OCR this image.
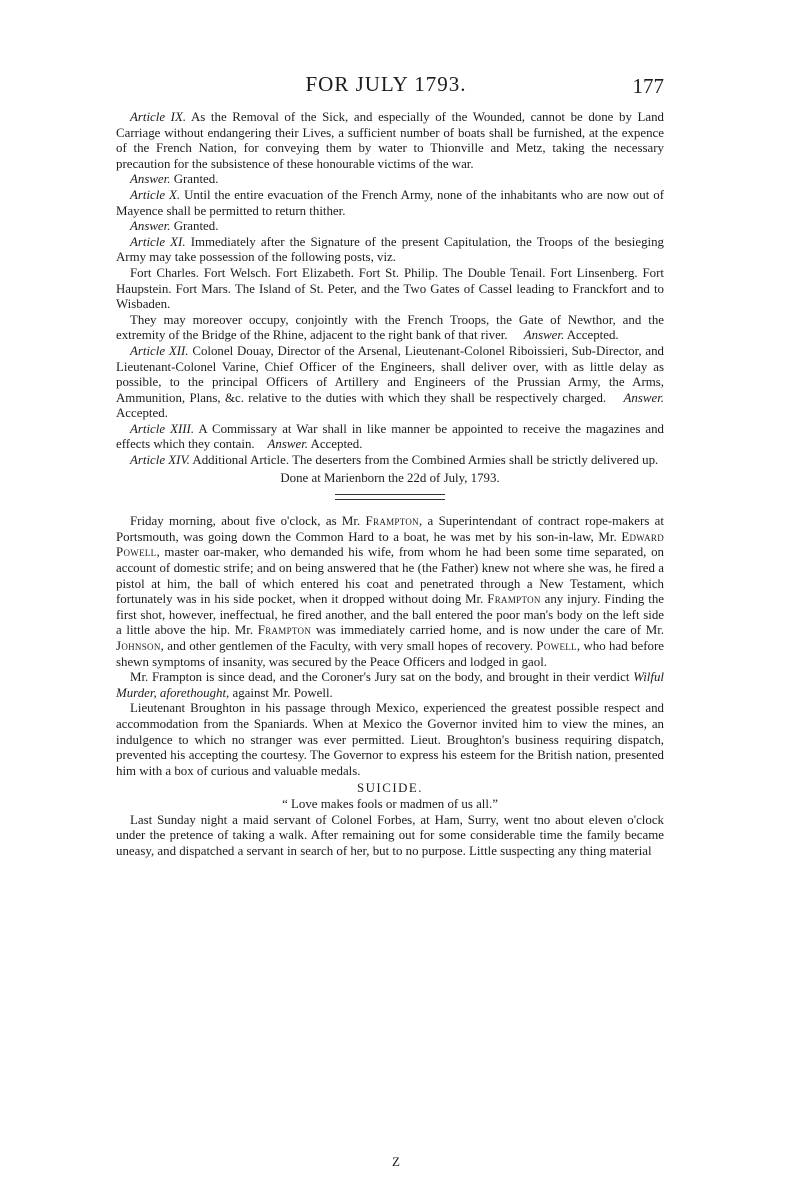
FOR JULY 1793.	177

Article IX. As the Removal of the Sick, and especially of the Wounded, cannot be done by Land Carriage without endangering their Lives, a sufficient number of boats shall be furnished, at the expence of the French Nation, for conveying them by water to Thionville and Metz, taking the necessary precaution for the subsistence of these honourable victims of the war.

Answer. Granted.

Article X. Until the entire evacuation of the French Army, none of the inhabitants who are now out of Mayence shall be permitted to return thither.

Answer. Granted.

Article XI. Immediately after the Signature of the present Capitulation, the Troops of the besieging Army may take possession of the following posts, viz.

Fort Charles. Fort Welsch. Fort Elizabeth. Fort St. Philip. The Double Tenail. Fort Linsenberg. Fort Haupstein. Fort Mars. The Island of St. Peter, and the Two Gates of Cassel leading to Franckfort and to Wisbaden.

They may moreover occupy, conjointly with the French Troops, the Gate of Newthor, and the extremity of the Bridge of the Rhine, adjacent to the right bank of that river. Answer. Accepted.

Article XII. Colonel Douay, Director of the Arsenal, Lieutenant-Colonel Riboissieri, Sub-Director, and Lieutenant-Colonel Varine, Chief Officer of the Engineers, shall deliver over, with as little delay as possible, to the principal Officers of Artillery and Engineers of the Prussian Army, the Arms, Ammunition, Plans, &c. relative to the duties with which they shall be respectively charged. Answer. Accepted.

Article XIII. A Commissary at War shall in like manner be appointed to receive the magazines and effects which they contain. Answer. Accepted.

Article XIV. Additional Article. The deserters from the Combined Armies shall be strictly delivered up.

Done at Marienborn the 22d of July, 1793.

Friday morning, about five o'clock, as Mr. Frampton, a Superintendant of contract rope-makers at Portsmouth, was going down the Common Hard to a boat, he was met by his son-in-law, Mr. Edward Powell, master oar-maker, who demanded his wife, from whom he had been some time separated, on account of domestic strife; and on being answered that he (the Father) knew not where she was, he fired a pistol at him, the ball of which entered his coat and penetrated through a New Testament, which fortunately was in his side pocket, when it dropped without doing Mr. Frampton any injury. Finding the first shot, however, ineffectual, he fired another, and the ball entered the poor man's body on the left side a little above the hip. Mr. Frampton was immediately carried home, and is now under the care of Mr. Johnson, and other gentlemen of the Faculty, with very small hopes of recovery. Powell, who had before shewn symptoms of insanity, was secured by the Peace Officers and lodged in gaol.

Mr. Frampton is since dead, and the Coroner's Jury sat on the body, and brought in their verdict Wilful Murder, aforethought, against Mr. Powell.

Lieutenant Broughton in his passage through Mexico, experienced the greatest possible respect and accommodation from the Spaniards. When at Mexico the Governor invited him to view the mines, an indulgence to which no stranger was ever permitted. Lieut. Broughton's business requiring dispatch, prevented his accepting the courtesy. The Governor to express his esteem for the British nation, presented him with a box of curious and valuable medals.

SUICIDE.

“ Love makes fools or madmen of us all.”

Last Sunday night a maid servant of Colonel Forbes, at Ham, Surry, went tno about eleven o'clock under the pretence of taking a walk. After remaining out for some considerable time the family became uneasy, and dispatched a servant in search of her, but to no purpose. Little suspecting any thing material

Z
